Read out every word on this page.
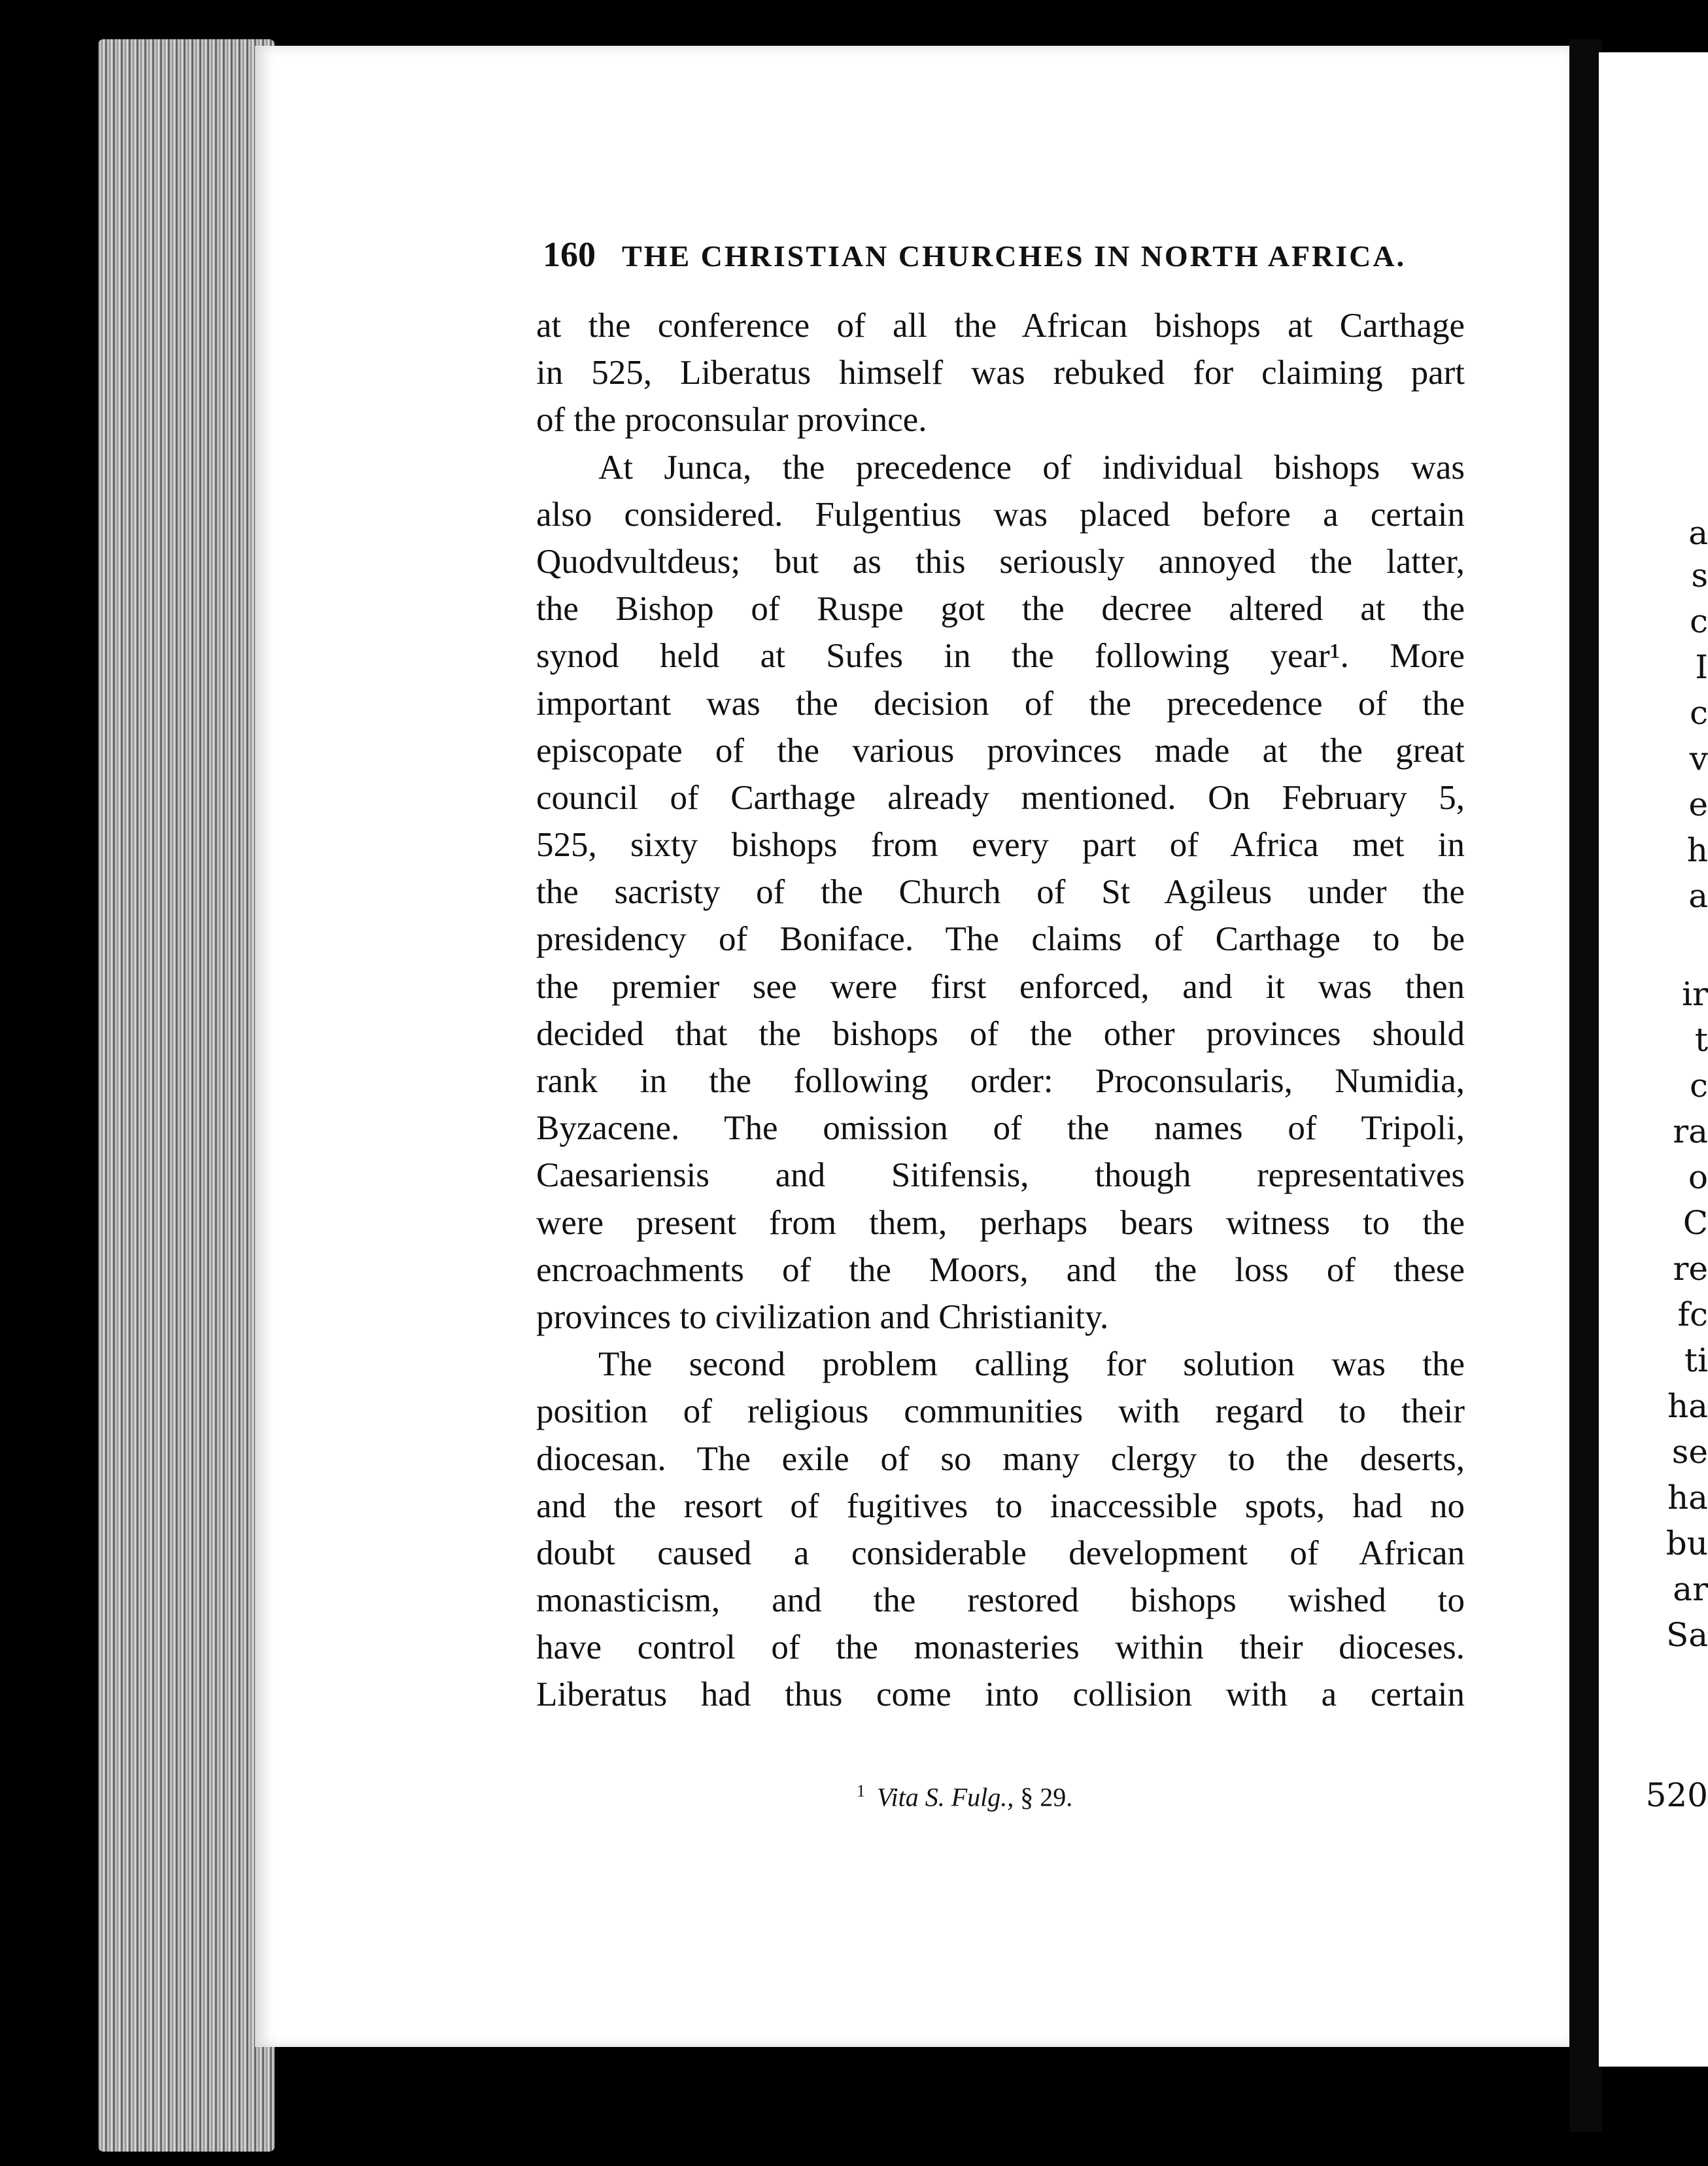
a
s
c
I
c
v
e
h
a
ir
t
c
ra
o
C
re
fc
ti
ha
se
ha
bu
ar
Sa
520
160 THE CHRISTIAN CHURCHES IN NORTH AFRICA.
at the conference of all the African bishops at Carthage
in 525, Liberatus himself was rebuked for claiming part
of the proconsular province.
At Junca, the precedence of individual bishops was
also considered. Fulgentius was placed before a certain
Quodvultdeus; but as this seriously annoyed the latter,
the Bishop of Ruspe got the decree altered at the
synod held at Sufes in the following year¹. More
important was the decision of the precedence of the
episcopate of the various provinces made at the great
council of Carthage already mentioned. On February 5,
525, sixty bishops from every part of Africa met in
the sacristy of the Church of St Agileus under the
presidency of Boniface. The claims of Carthage to be
the premier see were first enforced, and it was then
decided that the bishops of the other provinces should
rank in the following order: Proconsularis, Numidia,
Byzacene. The omission of the names of Tripoli,
Caesariensis and Sitifensis, though representatives
were present from them, perhaps bears witness to the
encroachments of the Moors, and the loss of these
provinces to civilization and Christianity.
The second problem calling for solution was the
position of religious communities with regard to their
diocesan. The exile of so many clergy to the deserts,
and the resort of fugitives to inaccessible spots, had no
doubt caused a considerable development of African
monasticism, and the restored bishops wished to
have control of the monasteries within their dioceses.
Liberatus had thus come into collision with a certain
$^1$ Vita S. Fulg., § 29.
